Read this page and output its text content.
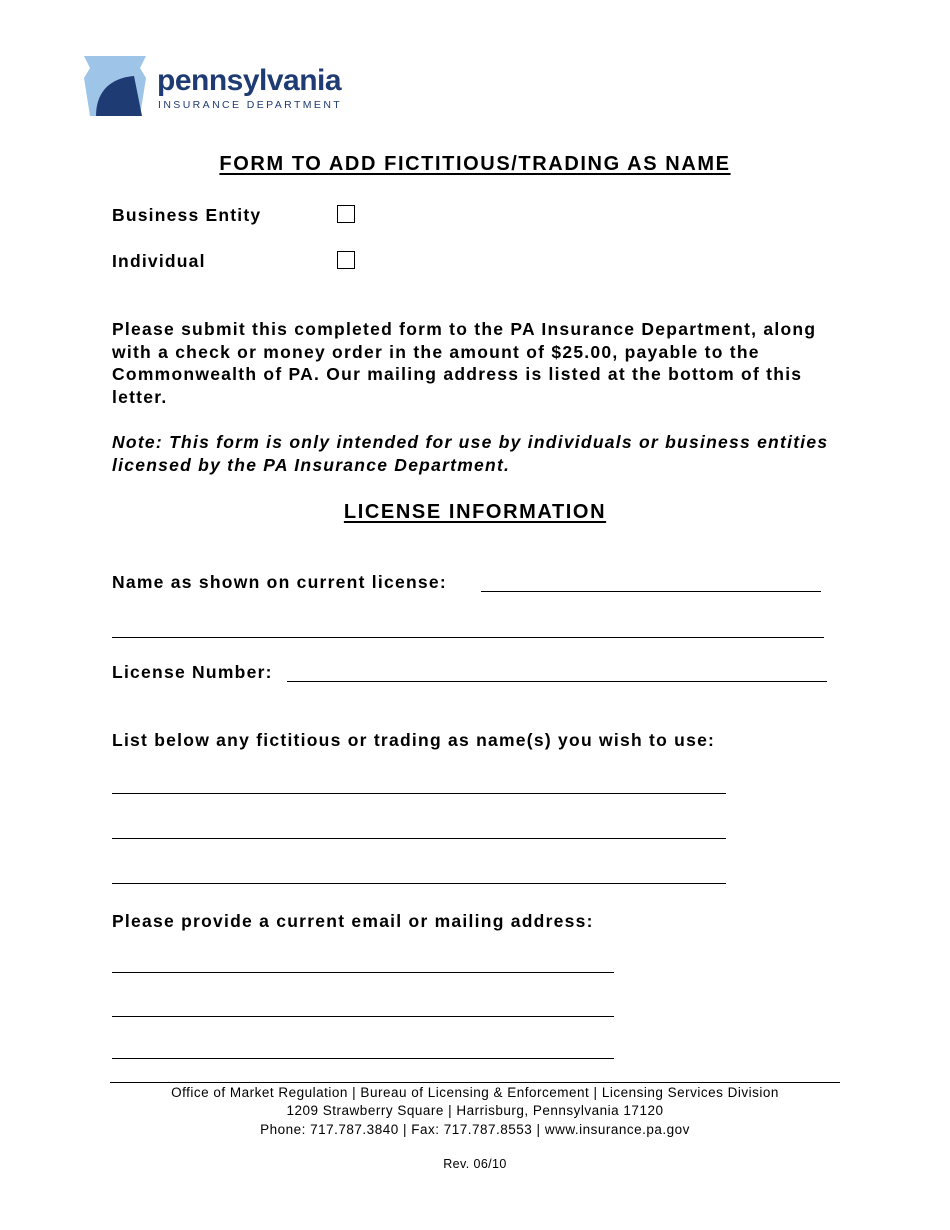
pennsylvania
INSURANCE DEPARTMENT
FORM TO ADD FICTITIOUS/TRADING AS NAME
Business Entity
Individual
Please submit this completed form to the PA Insurance Department, along with a check or money order in the amount of $25.00, payable to the Commonwealth of PA. Our mailing address is listed at the bottom of this letter.
Note: This form is only intended for use by individuals or business entities licensed by the PA Insurance Department.
LICENSE INFORMATION
Name as shown on current license:
License Number:
List below any fictitious or trading as name(s) you wish to use:
Please provide a current email or mailing address:
Office of Market Regulation | Bureau of Licensing & Enforcement | Licensing Services Division
1209 Strawberry Square | Harrisburg, Pennsylvania 17120
Phone: 717.787.3840 | Fax: 717.787.8553 | www.insurance.pa.gov
Rev. 06/10
